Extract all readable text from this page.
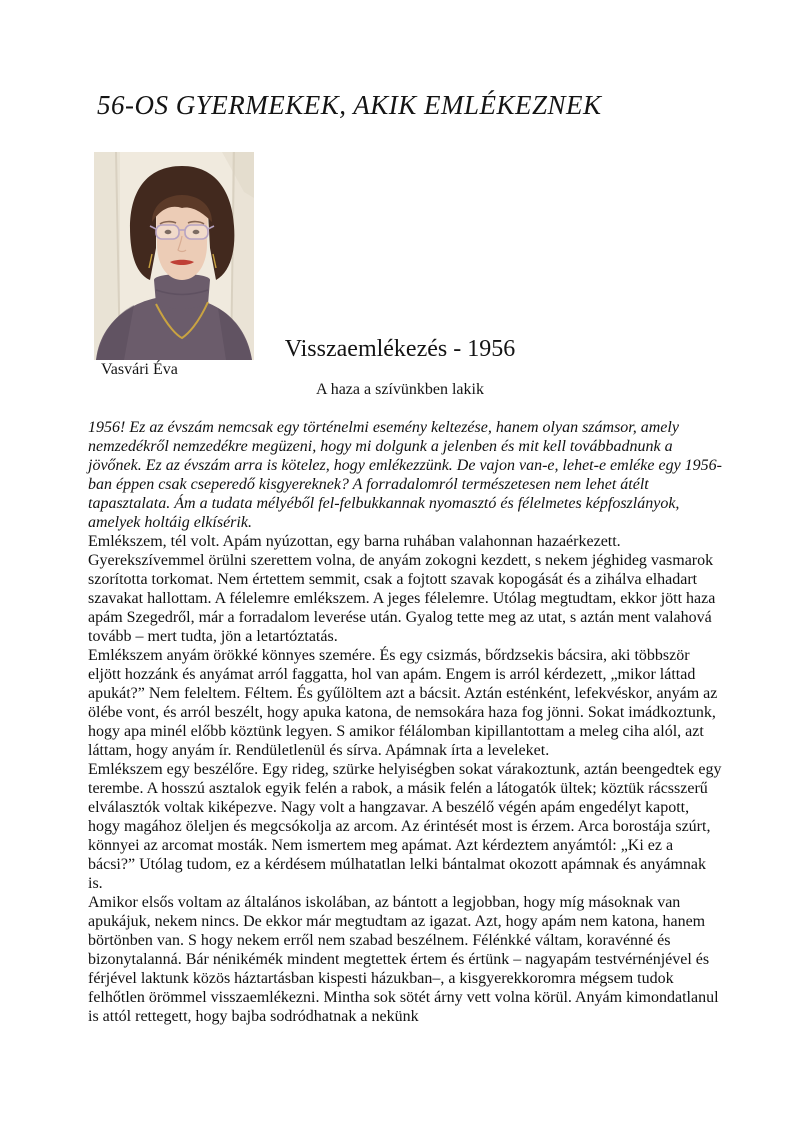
56-OS GYERMEKEK, AKIK EMLÉKEZNEK

Vasvári Éva

Visszaemlékezés - 1956
A haza a szívünkben lakik

1956! Ez az évszám nemcsak egy történelmi esemény keltezése, hanem olyan számsor, amely nemzedékről nemzedékre megüzeni, hogy mi dolgunk a jelenben és mit kell továbbadnunk a jövőnek. Ez az évszám arra is kötelez, hogy emlékezzünk. De vajon van-e, lehet-e emléke egy 1956-ban éppen csak cseperedő kisgyereknek? A forradalomról természetesen nem lehet átélt tapasztalata. Ám a tudata mélyéből fel-felbukkannak nyomasztó és félelmetes képfoszlányok, amelyek holtáig elkísérik.

Emlékszem, tél volt. Apám nyúzottan, egy barna ruhában valahonnan hazaérkezett. Gyerekszívemmel örülni szerettem volna, de anyám zokogni kezdett, s nekem jéghideg vasmarok szorította torkomat. Nem értettem semmit, csak a fojtott szavak kopogását és a zihálva elhadart szavakat hallottam. A félelemre emlékszem. A jeges félelemre. Utólag megtudtam, ekkor jött haza apám Szegedről, már a forradalom leverése után. Gyalog tette meg az utat, s aztán ment valahová tovább – mert tudta, jön a letartóztatás.

Emlékszem anyám örökké könnyes szemére. És egy csizmás, bőrdzsekis bácsira, aki többször eljött hozzánk és anyámat arról faggatta, hol van apám. Engem is arról kérdezett, „mikor láttad apukát?” Nem feleltem. Féltem. És gyűlöltem azt a bácsit. Aztán esténként, lefekvéskor, anyám az ölébe vont, és arról beszélt, hogy apuka katona, de nemsokára haza fog jönni. Sokat imádkoztunk, hogy apa minél előbb köztünk legyen. S amikor félálomban kipillantottam a meleg ciha alól, azt láttam, hogy anyám ír. Rendületlenül és sírva. Apámnak írta a leveleket.

Emlékszem egy beszélőre. Egy rideg, szürke helyiségben sokat várakoztunk, aztán beengedtek egy terembe. A hosszú asztalok egyik felén a rabok, a másik felén a látogatók ültek; köztük rácsszerű elválasztók voltak kiképezve. Nagy volt a hangzavar. A beszélő végén apám engedélyt kapott, hogy magához öleljen és megcsókolja az arcom. Az érintését most is érzem. Arca borostája szúrt, könnyei az arcomat mosták. Nem ismertem meg apámat. Azt kérdeztem anyámtól: „Ki ez a bácsi?” Utólag tudom, ez a kérdésem múlhatatlan lelki bántalmat okozott apámnak és anyámnak is.

Amikor elsős voltam az általános iskolában, az bántott a legjobban, hogy míg másoknak van apukájuk, nekem nincs. De ekkor már megtudtam az igazat. Azt, hogy apám nem katona, hanem börtönben van. S hogy nekem erről nem szabad beszélnem. Félénkké váltam, koravénné és bizonytalanná. Bár nénikémék mindent megtettek értem és értünk – nagyapám testvérnénjével és férjével laktunk közös háztartásban kispesti házukban–, a kisgyerekkoromra mégsem tudok felhőtlen örömmel visszaemlékezni. Mintha sok sötét árny vett volna körül. Anyám kimondatlanul is attól rettegett, hogy bajba sodródhatnak a nekünk
